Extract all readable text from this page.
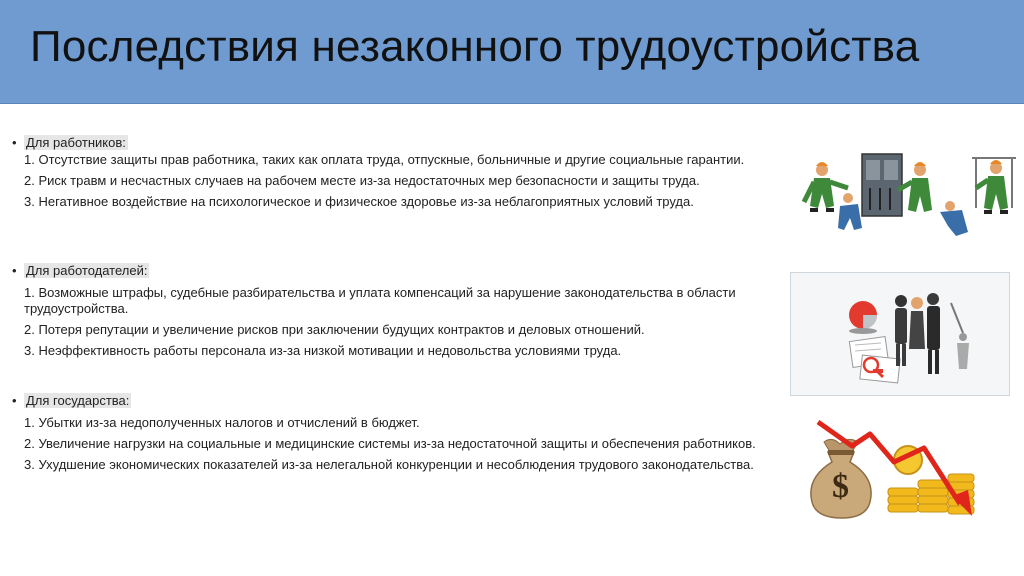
Последствия незаконного трудоустройства
• Для работников:
1. Отсутствие защиты прав работника, таких как оплата труда, отпускные, больничные и другие социальные гарантии.
2. Риск травм и несчастных случаев на рабочем месте из-за недостаточных мер безопасности и защиты труда.
3. Негативное воздействие на психологическое и физическое здоровье из-за неблагоприятных условий труда.
• Для работодателей:
1. Возможные штрафы, судебные разбирательства и уплата компенсаций за нарушение законодательства в области трудоустройства.
2. Потеря репутации и увеличение рисков при заключении будущих контрактов и деловых отношений.
3. Неэффективность работы персонала из-за низкой мотивации и недовольства условиями труда.
• Для государства:
1. Убытки из-за недополученных налогов и отчислений в бюджет.
2. Увеличение нагрузки на социальные и медицинские системы из-за недостаточной защиты и обеспечения работников.
3. Ухудшение экономических показателей из-за нелегальной конкуренции и несоблюдения трудового законодательства.
$
